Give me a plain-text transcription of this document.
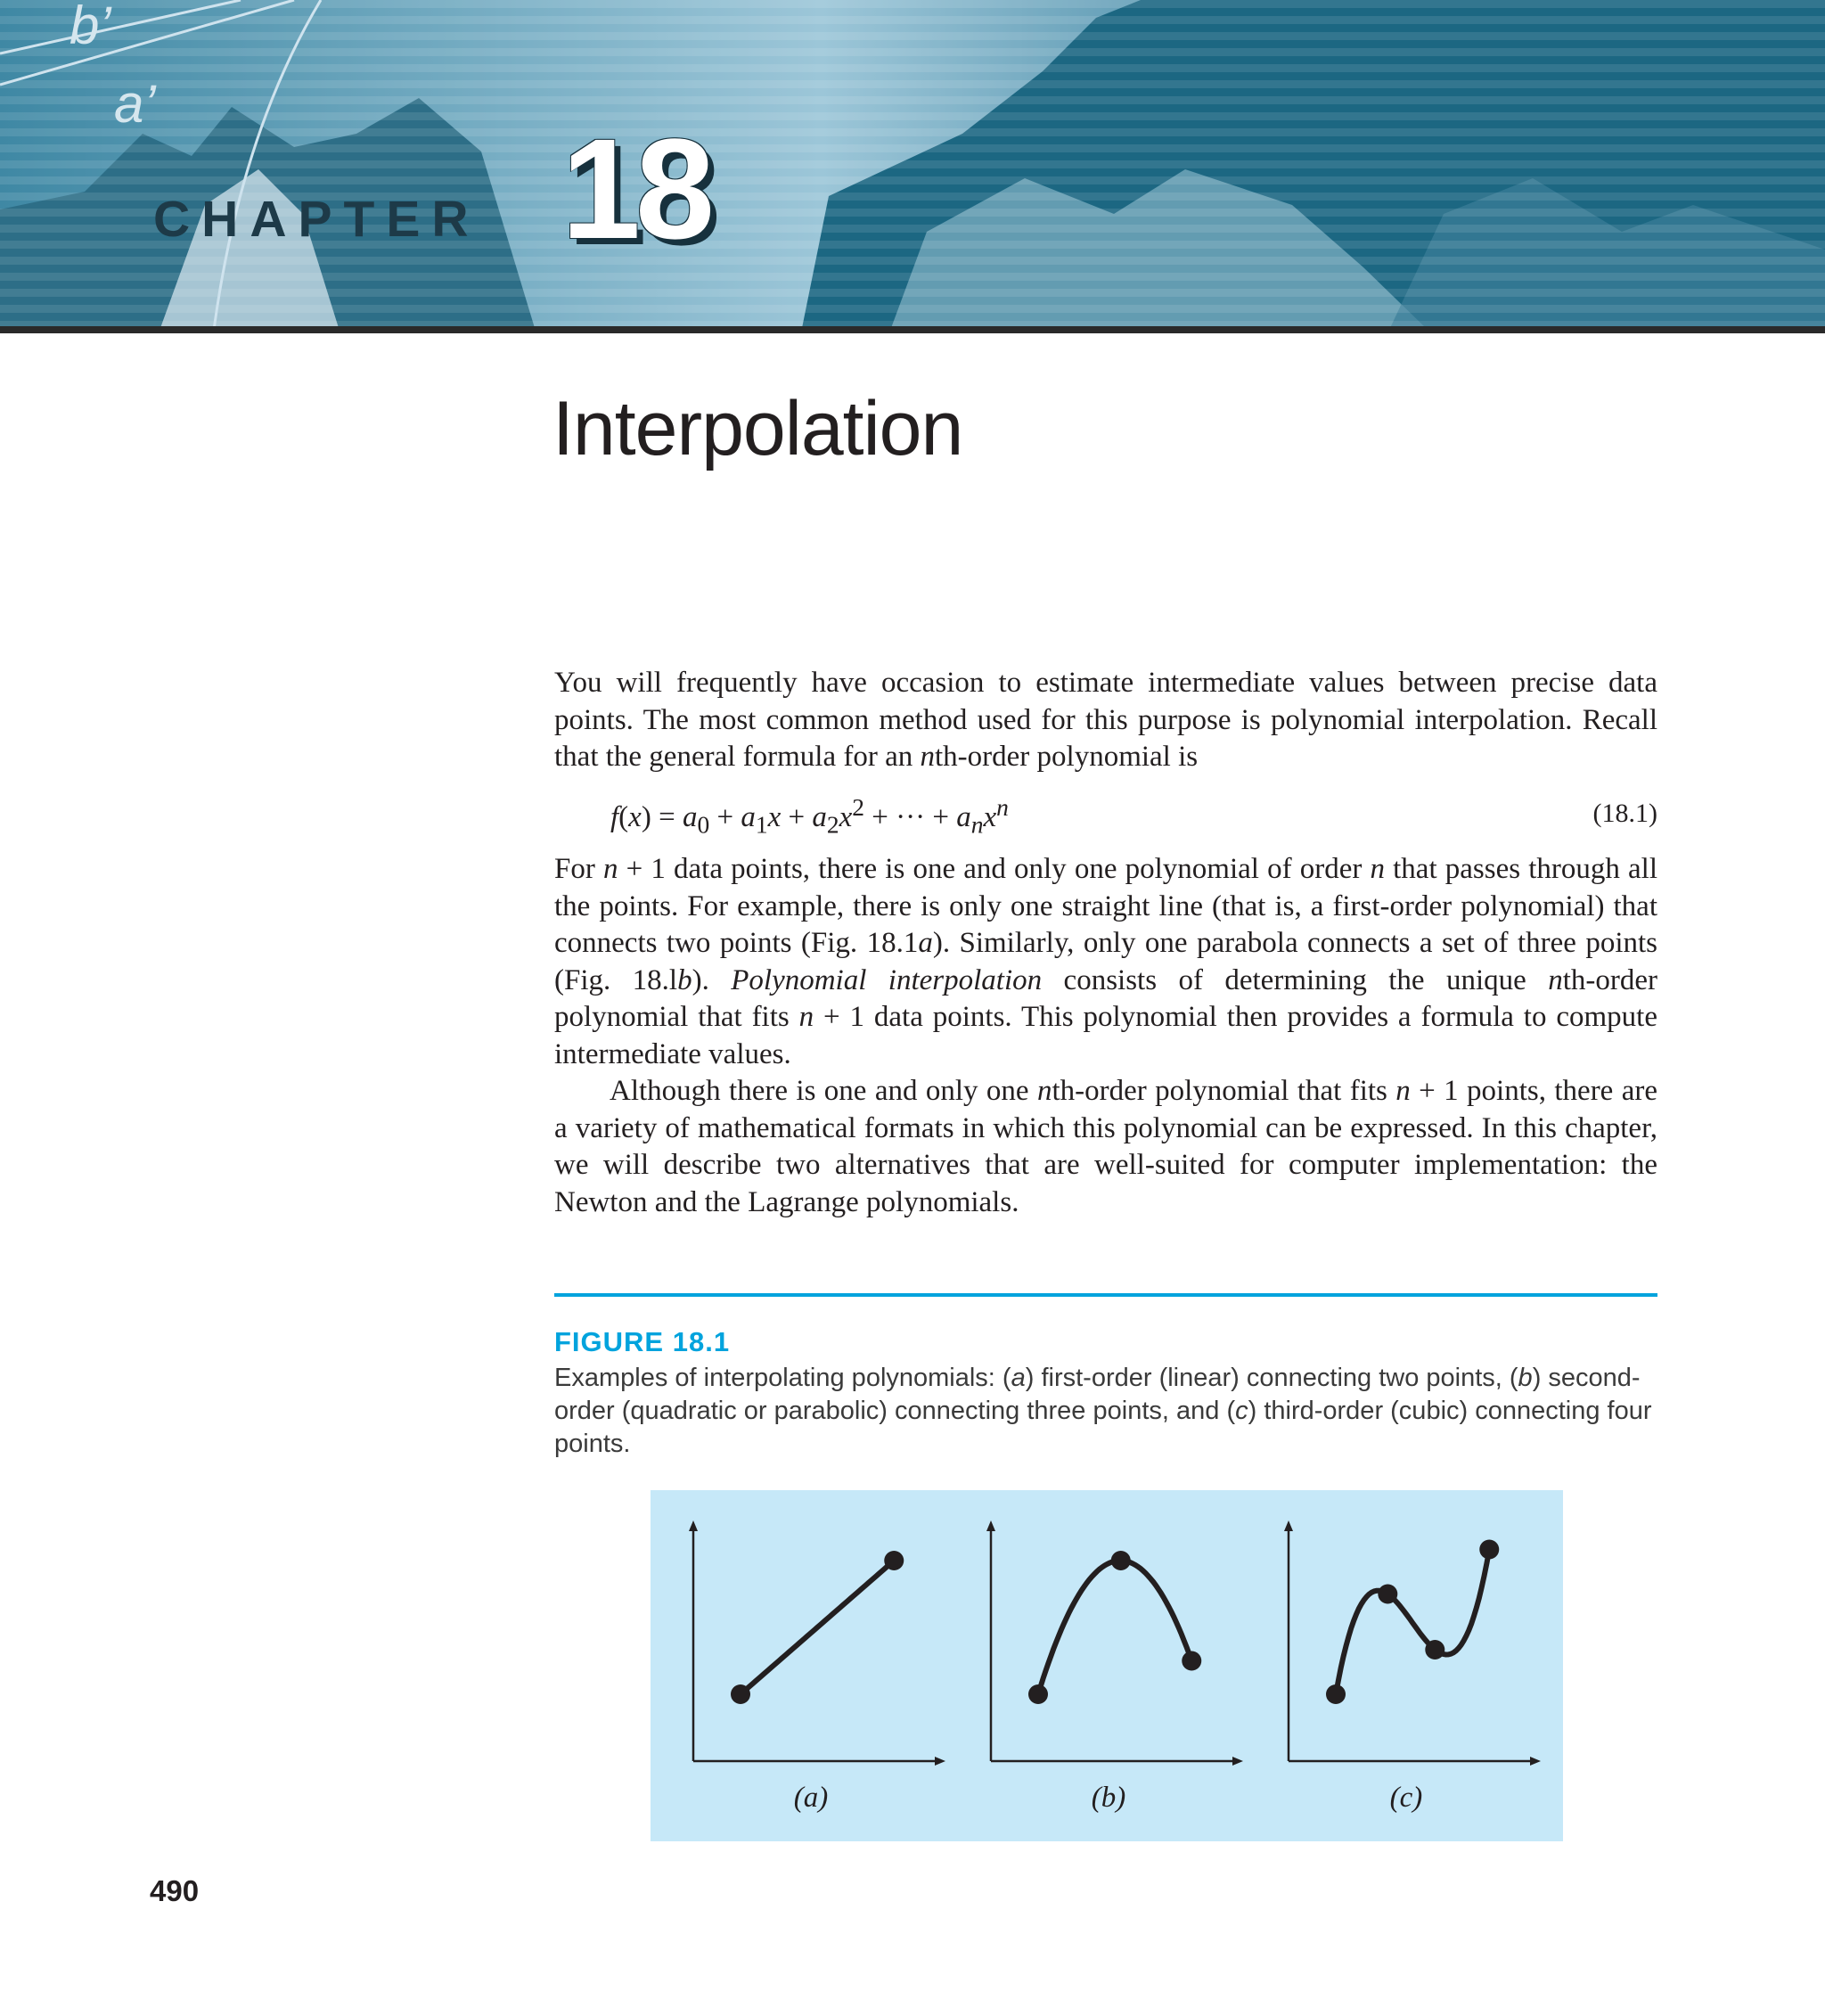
b’
a’
CHAPTER 18
Interpolation

You will frequently have occasion to estimate intermediate values between precise data points. The most common method used for this purpose is polynomial interpolation. Recall that the general formula for an nth-order polynomial is

$f(x) = a_0 + a_1x + a_2x^2$ + ··· + $a_nx^n$	(18.1)

For n + 1 data points, there is one and only one polynomial of order n that passes through all the points. For example, there is only one straight line (that is, a first-order polynomial) that connects two points (Fig. 18.1a). Similarly, only one parabola connects a set of three points (Fig. 18.lb). Polynomial interpolation consists of determining the unique nth-order polynomial that fits n + 1 data points. This polynomial then provides a formula to compute intermediate values.

Although there is one and only one nth-order polynomial that fits n + 1 points, there are a variety of mathematical formats in which this polynomial can be expressed. In this chapter, we will describe two alternatives that are well-suited for computer implementation: the Newton and the Lagrange polynomials.

FIGURE 18.1

Examples of interpolating polynomials: (a) first-order (linear) connecting two points, (b) second-order (quadratic or parabolic) connecting three points, and (c) third-order (cubic) connecting four points.

(a)	(b)	(c)
490
